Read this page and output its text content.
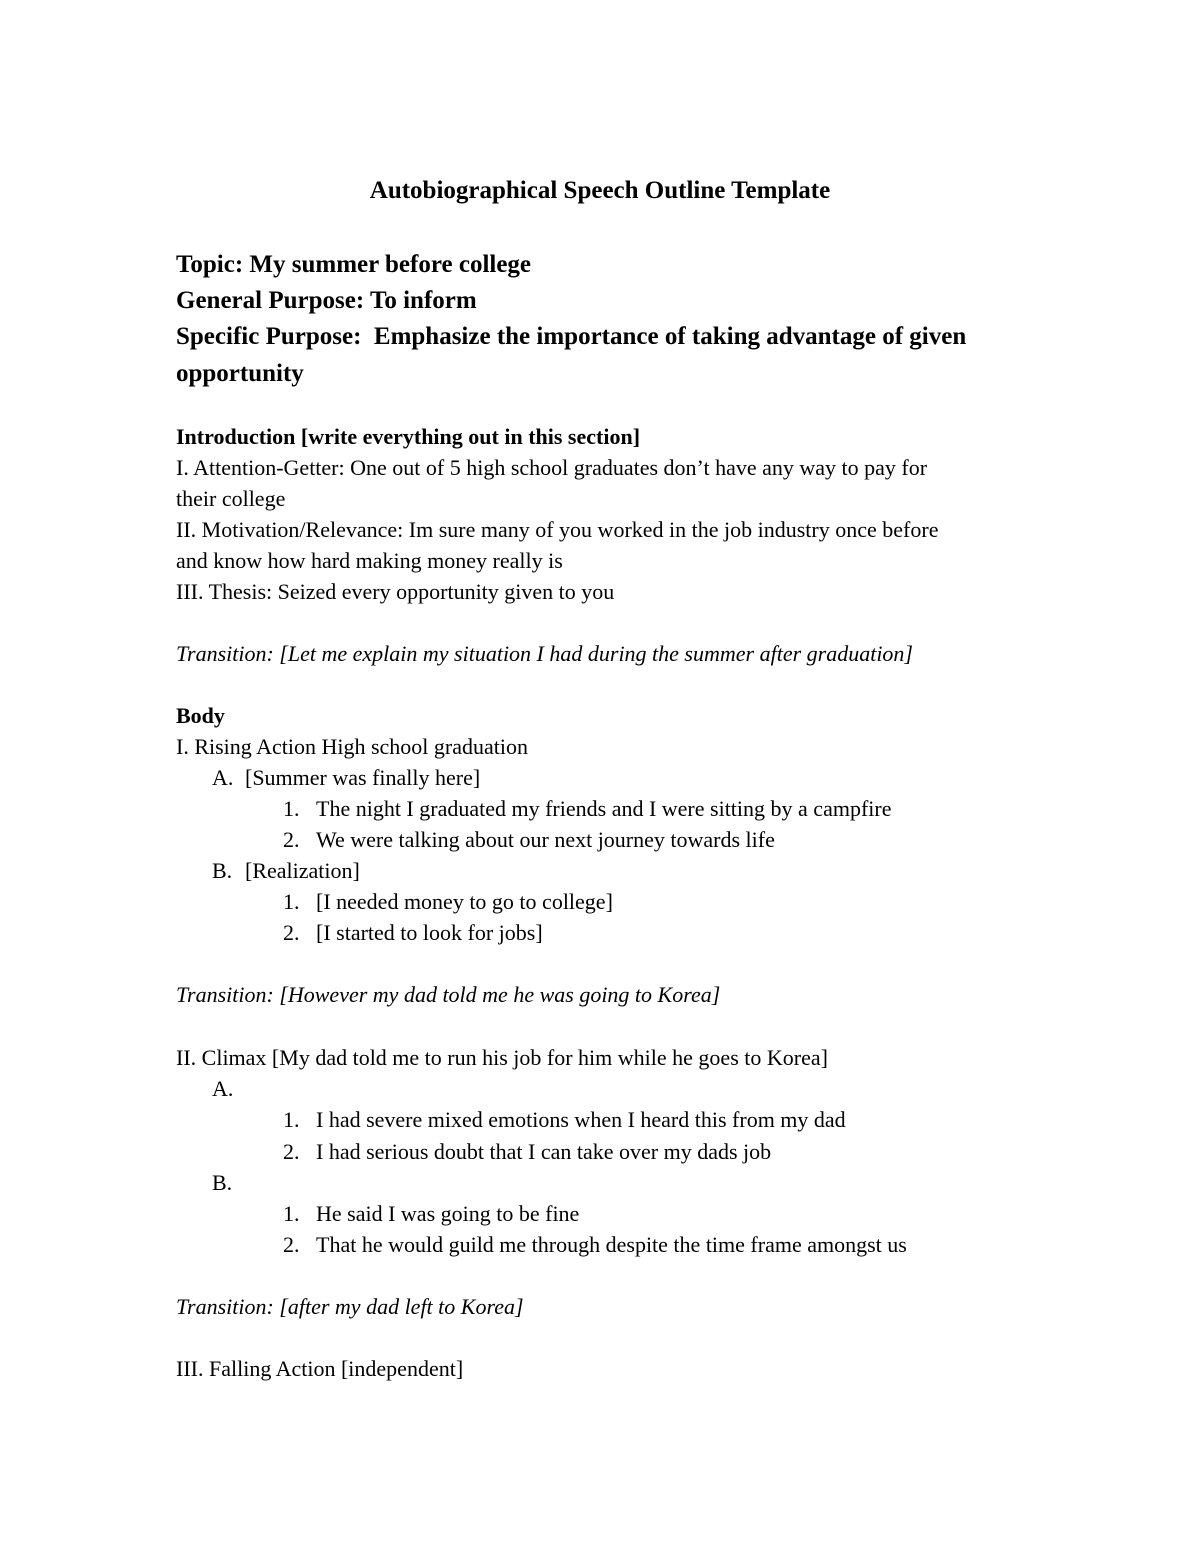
Autobiographical Speech Outline Template
Topic: My summer before college
General Purpose: To inform
Specific Purpose: Emphasize the importance of taking advantage of given
opportunity
Introduction [write everything out in this section]
I. Attention-Getter: One out of 5 high school graduates don’t have any way to pay for
their college
II. Motivation/Relevance: Im sure many of you worked in the job industry once before
and know how hard making money really is
III. Thesis: Seized every opportunity given to you
Transition: [Let me explain my situation I had during the summer after graduation]
Body
I. Rising Action High school graduation
A. [Summer was finally here]
1. The night I graduated my friends and I were sitting by a campfire
2. We were talking about our next journey towards life
B. [Realization]
1. [I needed money to go to college]
2. [I started to look for jobs]
Transition: [However my dad told me he was going to Korea]
II. Climax [My dad told me to run his job for him while he goes to Korea]
A.
1. I had severe mixed emotions when I heard this from my dad
2. I had serious doubt that I can take over my dads job
B.
1. He said I was going to be fine
2. That he would guild me through despite the time frame amongst us
Transition: [after my dad left to Korea]
III. Falling Action [independent]
